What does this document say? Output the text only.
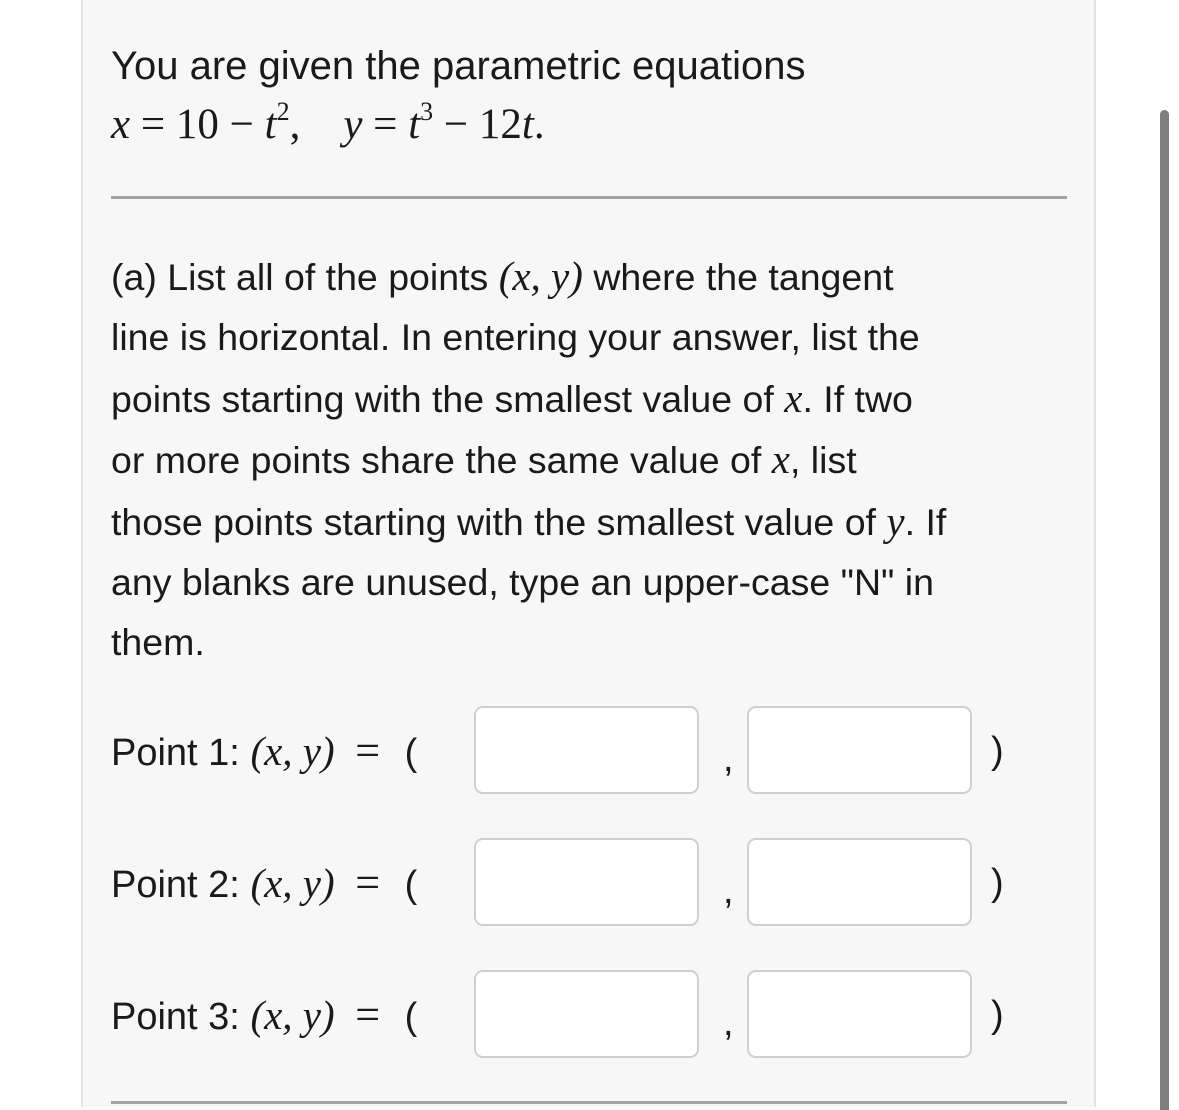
You are given the parametric equations
$x = 10 - t^2$, $y = t^3 - 12t$.
(a) List all of the points (x, y) where the tangent
line is horizontal. In entering your answer, list the
points starting with the smallest value of x. If two
or more points share the same value of x, list
those points starting with the smallest value of y. If
any blanks are unused, type an upper-case "N" in
them.
Point 1: (x, y) = (	,	)
Point 2: (x, y) = (	,	)
Point 3: (x, y) = (	,	)
